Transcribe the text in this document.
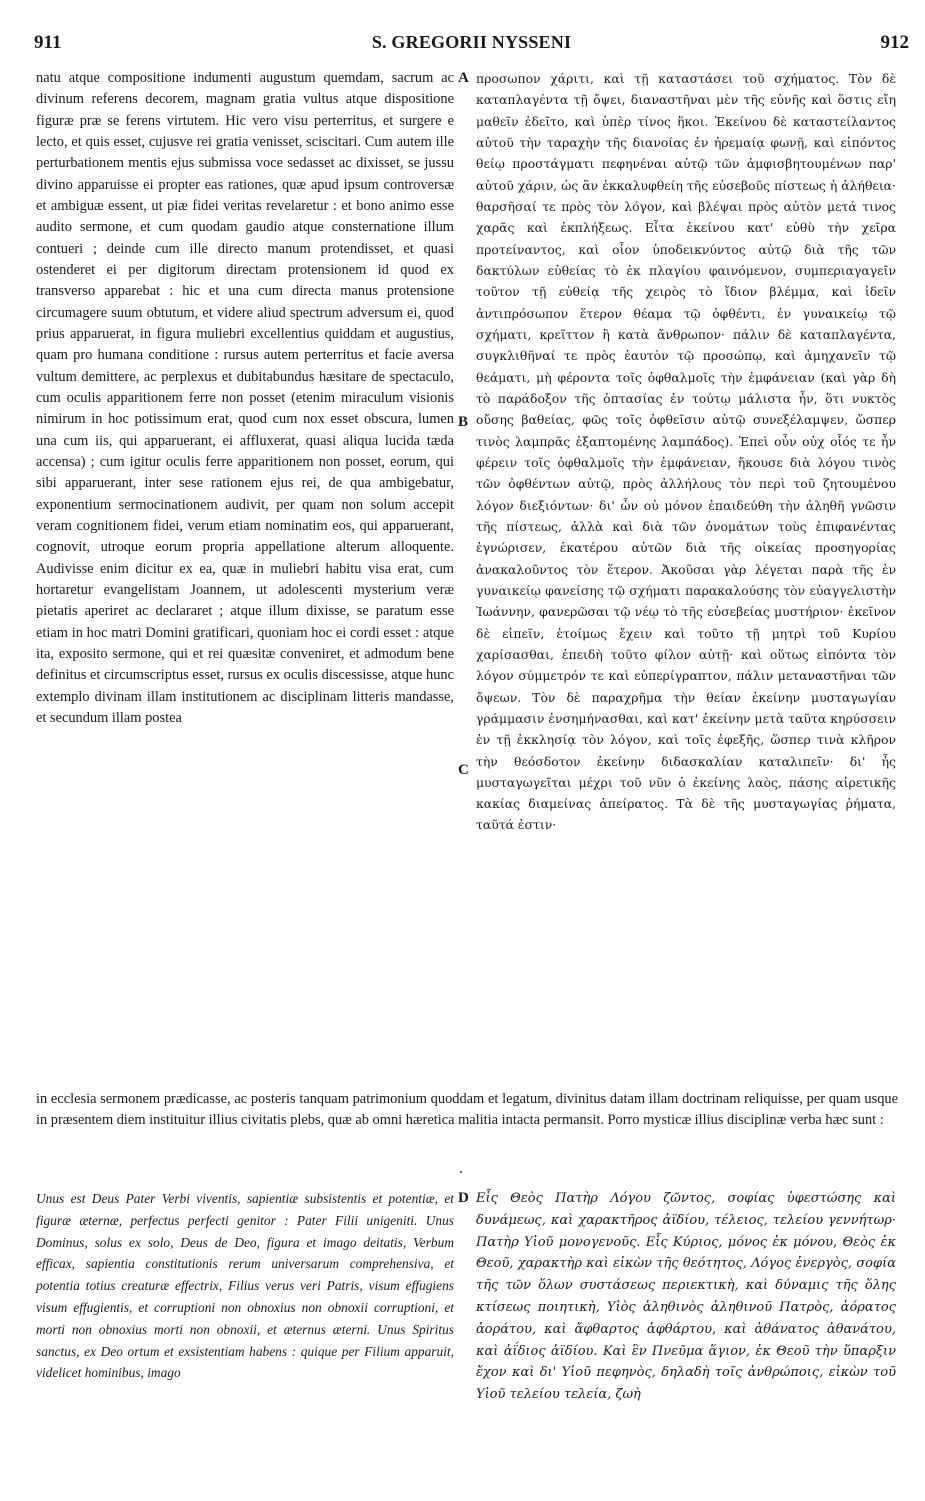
911	S. GREGORII NYSSENI	912

natu atque compositione indumenti augustum quemdam, sacrum ac divinum referens decorem, magnam gratia vultus atque dispositione figuræ præ se ferens virtutem. Hic vero visu perterritus, et surgere e lecto, et quis esset, cujusve rei gratia venisset, sciscitari. Cum autem ille perturbationem mentis ejus submissa voce sedasset ac dixisset, se jussu divino apparuisse ei propter eas rationes, quæ apud ipsum controversæ et ambiguæ essent, ut piæ fidei veritas revelaretur : et bono animo esse audito sermone, et cum quodam gaudio atque consternatione illum contueri ; deinde cum ille directo manum protendisset, et quasi ostenderet ei per digitorum directam protensionem id quod ex transverso apparebat : hic et una cum directa manus protensione circumagere suum obtutum, et videre aliud spectrum adversum ei, quod prius apparuerat, in figura muliebri excellentius quiddam et augustius, quam pro humana conditione : rursus autem perterritus et facie aversa vultum demittere, ac perplexus et dubitabundus hæsitare de spectaculo, cum oculis apparitionem ferre non posset (etenim miraculum visionis nimirum in hoc potissimum erat, quod cum nox esset obscura, lumen una cum iis, qui apparuerant, ei affluxerat, quasi aliqua lucida tæda accensa) ; cum igitur oculis ferre apparitionem non posset, eorum, qui sibi apparuerant, inter sese rationem ejus rei, de qua ambigebatur, exponentium sermocinationem audivit, per quam non solum accepit veram cognitionem fidei, verum etiam nominatim eos, qui apparuerant, cognovit, utroque eorum propria appellatione alterum alloquente. Audivisse enim dicitur ex ea, quæ in muliebri habitu visa erat, cum hortaretur evangelistam Joannem, ut adolescenti mysterium veræ pietatis aperiret ac declararet ; atque illum dixisse, se paratum esse etiam in hoc matri Domini gratificari, quoniam hoc ei cordi esset : atque ita, exposito sermone, qui et rei quæsitæ conveniret, et admodum bene definitus et circumscriptus esset, rursus ex oculis discessisse, atque hunc extemplo divinam illam institutionem ac disciplinam litteris mandasse, et secundum illam postea

προσωπον χάριτι, καὶ τῇ καταστάσει τοῦ σχήματος. Τὸν δὲ καταπλαγέντα τῇ ὄψει, διαναστῆναι μὲν τῆς εὐνῆς καὶ ὅστις εἴη μαθεῖν ἐδεῖτο, καὶ ὑπὲρ τίνος ἥκοι. Ἐκείνου δὲ καταστείλαντος αὐτοῦ τὴν ταραχὴν τῆς διανοίας ἐν ἠρεμαίᾳ φωνῇ, καὶ εἰπόντος θείῳ προστάγματι πεφηνέναι αὐτῷ τῶν ἀμφισβητουμένων παρ' αὐτοῦ χάριν, ὡς ἂν ἐκκαλυφθείη τῆς εὐσεβοῦς πίστεως ἡ ἀλήθεια· θαρσῆσαί τε πρὸς τὸν λόγον, καὶ βλέψαι πρὸς αὐτὸν μετά τινος χαρᾶς καὶ ἐκπλήξεως. Εἶτα ἐκείνου κατ' εὐθὺ τὴν χεῖρα προτείναντος, καὶ οἷον ὑποδεικνύντος αὐτῷ διὰ τῆς τῶν δακτύλων εὐθείας τὸ ἐκ πλαγίου φαινόμενον, συμπεριαγαγεῖν τοῦτον τῇ εὐθείᾳ τῆς χειρὸς τὸ ἴδιον βλέμμα, καὶ ἰδεῖν ἀντιπρόσωπον ἕτερον θέαμα τῷ ὀφθέντι, ἐν γυναικείῳ τῷ σχήματι, κρεῖττον ἢ κατὰ ἄνθρωπον· πάλιν δὲ καταπλαγέντα, συγκλιθῆναί τε πρὸς ἑαυτὸν τῷ προσώπῳ, καὶ ἀμηχανεῖν τῷ θεάματι, μὴ φέροντα τοῖς ὀφθαλμοῖς τὴν ἐμφάνειαν (καὶ γὰρ δὴ τὸ παράδοξον τῆς ὀπτασίας ἐν τούτῳ μάλιστα ἦν, ὅτι νυκτὸς οὔσης βαθείας, φῶς τοῖς ὀφθεῖσιν αὐτῷ συνεξέλαμψεν, ὥσπερ τινὸς λαμπρᾶς ἐξαπτομένης λαμπάδος). Ἐπεὶ οὖν οὐχ οἷός τε ἦν φέρειν τοῖς ὀφθαλμοῖς τὴν ἐμφάνειαν, ἤκουσε διὰ λόγου τινὸς τῶν ὀφθέντων αὐτῷ, πρὸς ἀλλήλους τὸν περὶ τοῦ ζητουμένου λόγον διεξιόντων· δι' ὧν οὐ μόνον ἐπαιδεύθη τὴν ἀληθῆ γνῶσιν τῆς πίστεως, ἀλλὰ καὶ διὰ τῶν ὀνομάτων τοὺς ἐπιφανέντας ἐγνώρισεν, ἑκατέρου αὐτῶν διὰ τῆς οἰκείας προσηγορίας ἀνακαλοῦντος τὸν ἕτερον. Ἀκοῦσαι γὰρ λέγεται παρὰ τῆς ἐν γυναικείῳ φανείσης τῷ σχήματι παρακαλούσης τὸν εὐαγγελιστὴν Ἰωάννην, φανερῶσαι τῷ νέῳ τὸ τῆς εὐσεβείας μυστήριον· ἐκεῖνον δὲ εἰπεῖν, ἑτοίμως ἔχειν καὶ τοῦτο τῇ μητρὶ τοῦ Κυρίου χαρίσασθαι, ἐπειδὴ τοῦτο φίλον αὐτῇ· καὶ οὕτως εἰπόντα τὸν λόγον σύμμετρόν τε καὶ εὐπερίγραπτον, πάλιν μεταναστῆναι τῶν ὄψεων. Τὸν δὲ παραχρῆμα τὴν θείαν ἐκείνην μυσταγωγίαν γράμμασιν ἐνσημήνασθαι, καὶ κατ' ἐκείνην μετὰ ταῦτα κηρύσσειν ἐν τῇ ἐκκλησίᾳ τὸν λόγον, καὶ τοῖς ἐφεξῆς, ὥσπερ τινὰ κλῆρον τὴν θεόσδοτον ἐκείνην διδασκαλίαν καταλιπεῖν· δι' ἧς μυσταγωγεῖται μέχρι τοῦ νῦν ὁ ἐκείνης λαὸς, πάσης αἱρετικῆς κακίας διαμείνας ἀπείρατος. Τὰ δὲ τῆς μυσταγωγίας ῥήματα, ταῦτά ἐστιν·

A
B
C
D
in ecclesia sermonem prædicasse, ac posteris tanquam patrimonium quoddam et legatum, divinitus datam illam doctrinam reliquisse, per quam usque in præsentem diem instituitur illius civitatis plebs, quæ ab omni hæretica malitia intacta permansit. Porro mysticæ illius disciplinæ verba hæc sunt :
Unus est Deus Pater Verbi viventis, sapientiæ subsistentis et potentiæ, et figuræ æternæ, perfectus perfecti genitor : Pater Filii unigeniti. Unus Dominus, solus ex solo, Deus de Deo, figura et imago deitatis, Verbum efficax, sapientia constitutionis rerum universarum comprehensiva, et potentia totius creaturæ effectrix, Filius verus veri Patris, visum effugiens visum effugientis, et corruptioni non obnoxius non obnoxii corruptioni, et morti non obnoxius morti non obnoxii, et æternus æterni. Unus Spiritus sanctus, ex Deo ortum et exsistentiam habens : quique per Filium apparuit, videlicet hominibus, imago
Εἷς Θεὸς Πατὴρ Λόγου ζῶντος, σοφίας ὑφεστώσης καὶ δυνάμεως, καὶ χαρακτῆρος ἀϊδίου, τέλειος, τελείου γεννήτωρ· Πατὴρ Υἱοῦ μονογενοῦς. Εἷς Κύριος, μόνος ἐκ μόνου, Θεὸς ἐκ Θεοῦ, χαρακτὴρ καὶ εἰκὼν τῆς θεότητος, Λόγος ἐνεργὸς, σοφία τῆς τῶν ὅλων συστάσεως περιεκτικὴ, καὶ δύναμις τῆς ὅλης κτίσεως ποιητικὴ, Υἱὸς ἀληθινὸς ἀληθινοῦ Πατρὸς, ἀόρατος ἀοράτου, καὶ ἄφθαρτος ἀφθάρτου, καὶ ἀθάνατος ἀθανάτου, καὶ ἀΐδιος ἀϊδίου. Καὶ ἓν Πνεῦμα ἅγιον, ἐκ Θεοῦ τὴν ὕπαρξιν ἔχον καὶ δι' Υἱοῦ πεφηνὸς, δηλαδὴ τοῖς ἀνθρώποις, εἰκὼν τοῦ Υἱοῦ τελείου τελεία, ζωὴ
